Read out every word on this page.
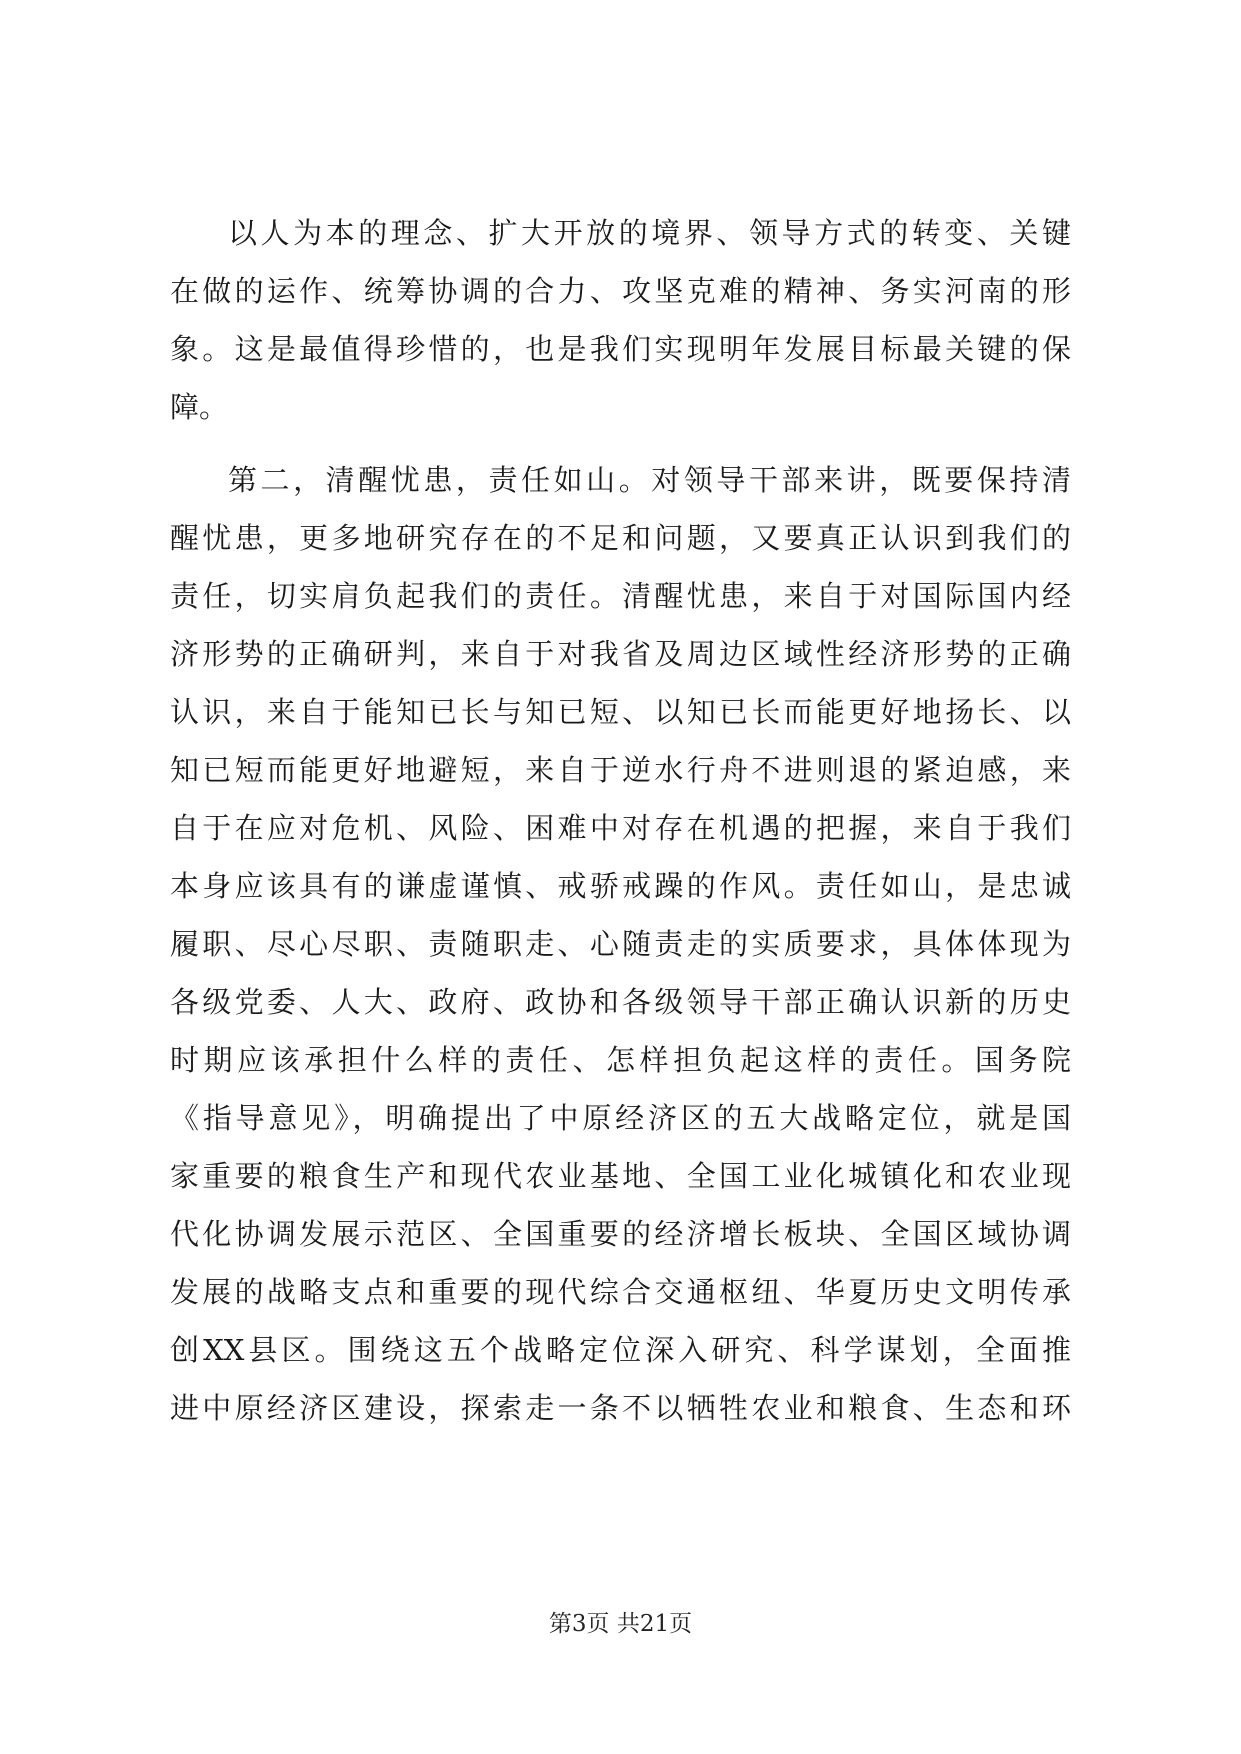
以人为本的理念、扩大开放的境界、领导方式的转变、关键
在做的运作、统筹协调的合力、攻坚克难的精神、务实河南的形
象。这是最值得珍惜的，也是我们实现明年发展目标最关键的保
障。
第二，清醒忧患，责任如山。对领导干部来讲，既要保持清
醒忧患，更多地研究存在的不足和问题，又要真正认识到我们的
责任，切实肩负起我们的责任。清醒忧患，来自于对国际国内经
济形势的正确研判，来自于对我省及周边区域性经济形势的正确
认识，来自于能知已长与知已短、以知已长而能更好地扬长、以
知已短而能更好地避短，来自于逆水行舟不进则退的紧迫感，来
自于在应对危机、风险、困难中对存在机遇的把握，来自于我们
本身应该具有的谦虚谨慎、戒骄戒躁的作风。责任如山，是忠诚
履职、尽心尽职、责随职走、心随责走的实质要求，具体体现为
各级党委、人大、政府、政协和各级领导干部正确认识新的历史
时期应该承担什么样的责任、怎样担负起这样的责任。国务院
《指导意见》，明确提出了中原经济区的五大战略定位，就是国
家重要的粮食生产和现代农业基地、全国工业化城镇化和农业现
代化协调发展示范区、全国重要的经济增长板块、全国区域协调
发展的战略支点和重要的现代综合交通枢纽、华夏历史文明传承
创XX县区。围绕这五个战略定位深入研究、科学谋划，全面推
进中原经济区建设，探索走一条不以牺牲农业和粮食、生态和环
第3页 共21页
